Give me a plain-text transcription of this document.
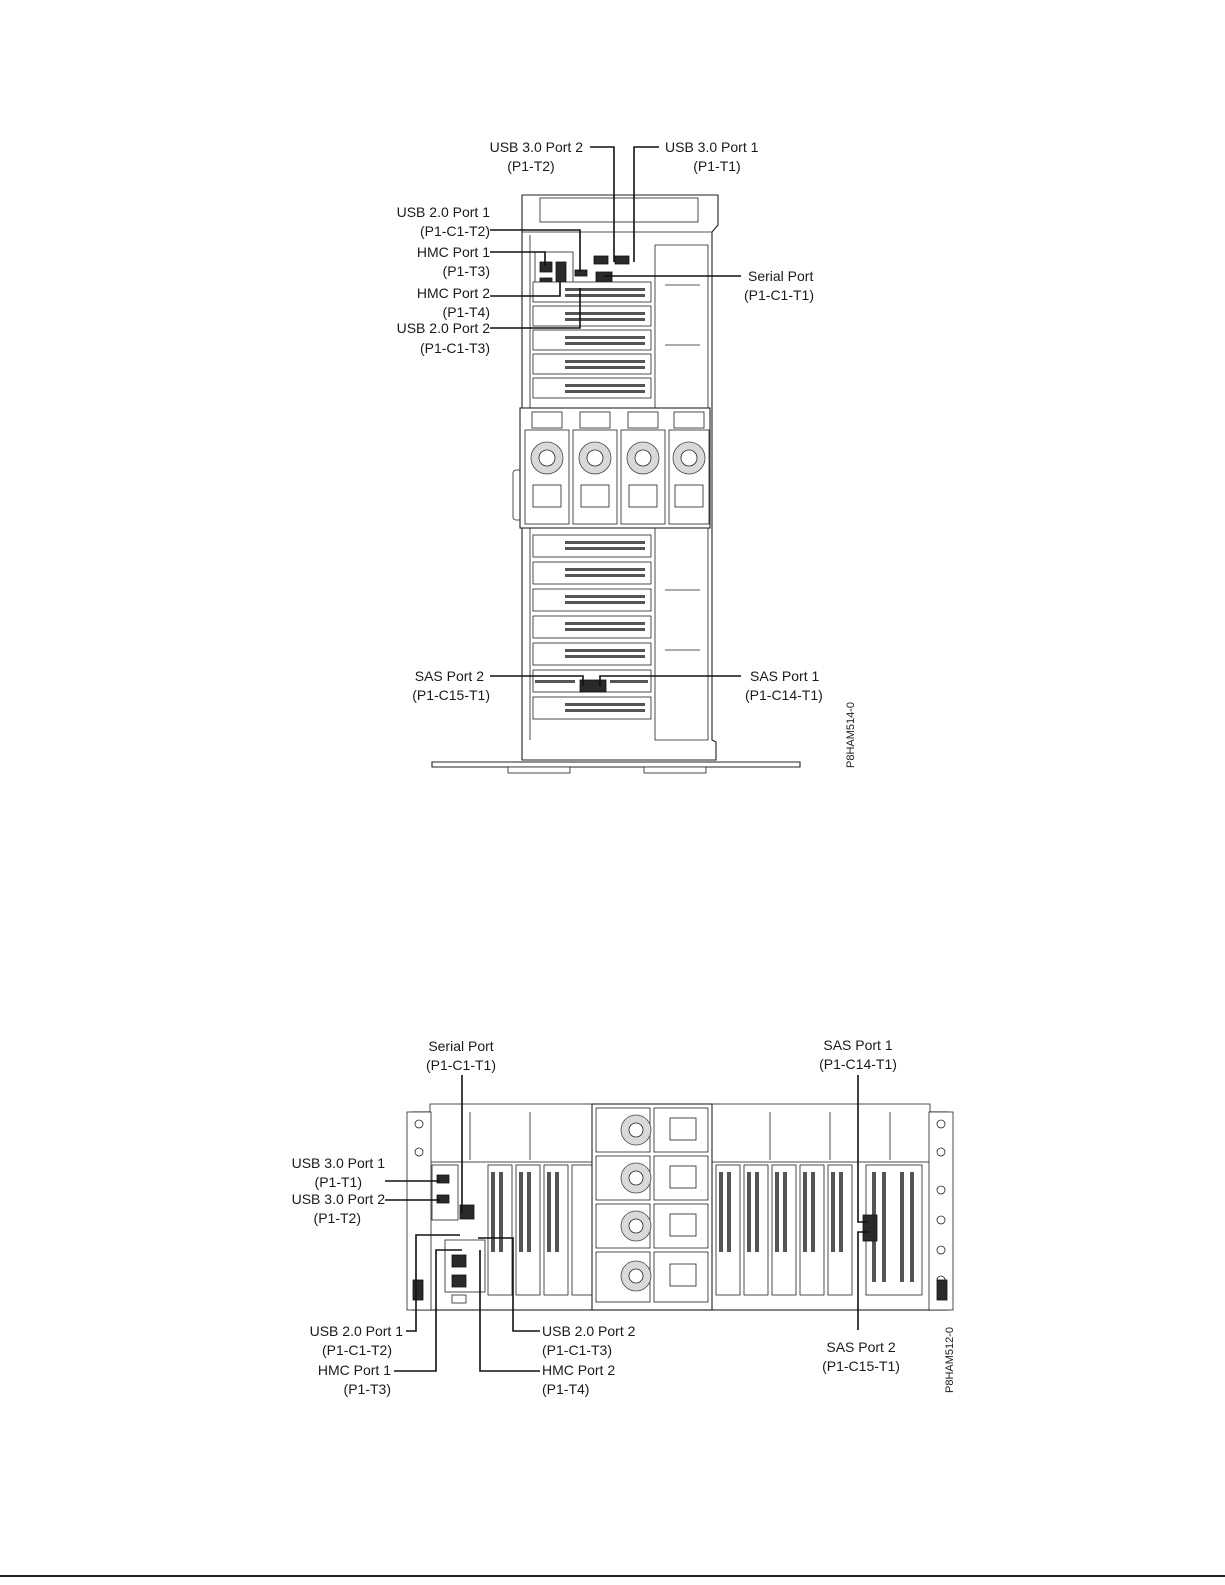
USB 3.0 Port 2
(P1-T2)
USB 3.0 Port 1
(P1-T1)
USB 2.0 Port 1
(P1-C1-T2)
HMC Port 1
(P1-T3)
HMC Port 2
(P1-T4)
USB 2.0 Port 2
(P1-C1-T3)
Serial Port
(P1-C1-T1)
SAS Port 2
(P1-C15-T1)
SAS Port 1
(P1-C14-T1)
P8HAM514-0
Serial Port
(P1-C1-T1)
SAS Port 1
(P1-C14-T1)
USB 3.0 Port 1
(P1-T1)
USB 3.0 Port 2
(P1-T2)
USB 2.0 Port 1
(P1-C1-T2)
HMC Port 1
(P1-T3)
USB 2.0 Port 2
(P1-C1-T3)
HMC Port 2
(P1-T4)
SAS Port 2
(P1-C15-T1)	P8HAM512-0
